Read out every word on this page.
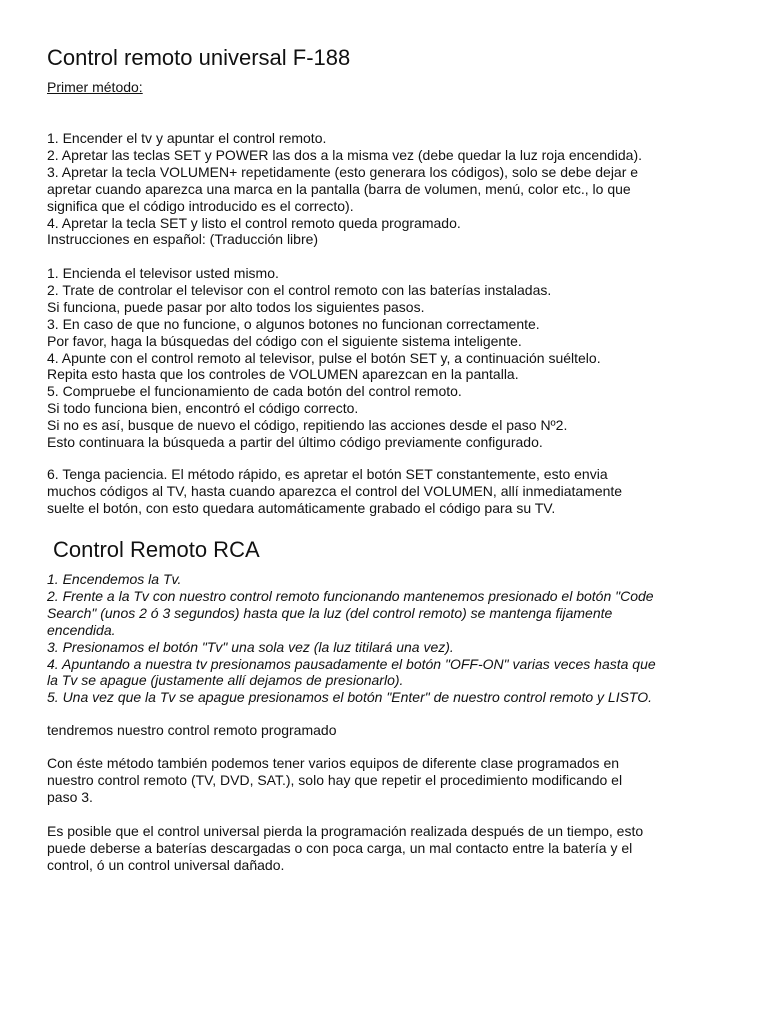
Control remoto universal F-188
Primer método:
1. Encender el tv y apuntar el control remoto.
2. Apretar las teclas SET y POWER las dos a la misma vez (debe quedar la luz roja encendida).
3. Apretar la tecla VOLUMEN+ repetidamente (esto generara los códigos), solo se debe dejar e
apretar cuando aparezca una marca en la pantalla (barra de volumen, menú, color etc., lo que
significa que el código introducido es el correcto).
4. Apretar la tecla SET y listo el control remoto queda programado.
Instrucciones en español: (Traducción libre)
1. Encienda el televisor usted mismo.
2. Trate de controlar el televisor con el control remoto con las baterías instaladas.
Si funciona, puede pasar por alto todos los siguientes pasos.
3. En caso de que no funcione, o algunos botones no funcionan correctamente.
Por favor, haga la búsquedas del código con el siguiente sistema inteligente.
4. Apunte con el control remoto al televisor, pulse el botón SET y, a continuación suéltelo.
Repita esto hasta que los controles de VOLUMEN aparezcan en la pantalla.
5. Compruebe el funcionamiento de cada botón del control remoto.
Si todo funciona bien, encontró el código correcto.
Si no es así, busque de nuevo el código, repitiendo las acciones desde el paso Nº2.
Esto continuara la búsqueda a partir del último código previamente configurado.
6. Tenga paciencia. El método rápido, es apretar el botón SET constantemente, esto envia
muchos códigos al TV, hasta cuando aparezca el control del VOLUMEN, allí inmediatamente
suelte el botón, con esto quedara automáticamente grabado el código para su TV.
Control Remoto RCA
1. Encendemos la Tv.
2. Frente a la Tv con nuestro control remoto funcionando mantenemos presionado el botón "Code
Search" (unos 2 ó 3 segundos) hasta que la luz (del control remoto) se mantenga fijamente
encendida.
3. Presionamos el botón "Tv" una sola vez (la luz titilará una vez).
4. Apuntando a nuestra tv presionamos pausadamente el botón "OFF-ON" varias veces hasta que
la Tv se apague (justamente allí dejamos de presionarlo).
5. Una vez que la Tv se apague presionamos el botón "Enter" de nuestro control remoto y LISTO.
tendremos nuestro control remoto programado
Con éste método también podemos tener varios equipos de diferente clase programados en
nuestro control remoto (TV, DVD, SAT.), solo hay que repetir el procedimiento modificando el
paso 3.
Es posible que el control universal pierda la programación realizada después de un tiempo, esto
puede deberse a baterías descargadas o con poca carga, un mal contacto entre la batería y el
control, ó un control universal dañado.
